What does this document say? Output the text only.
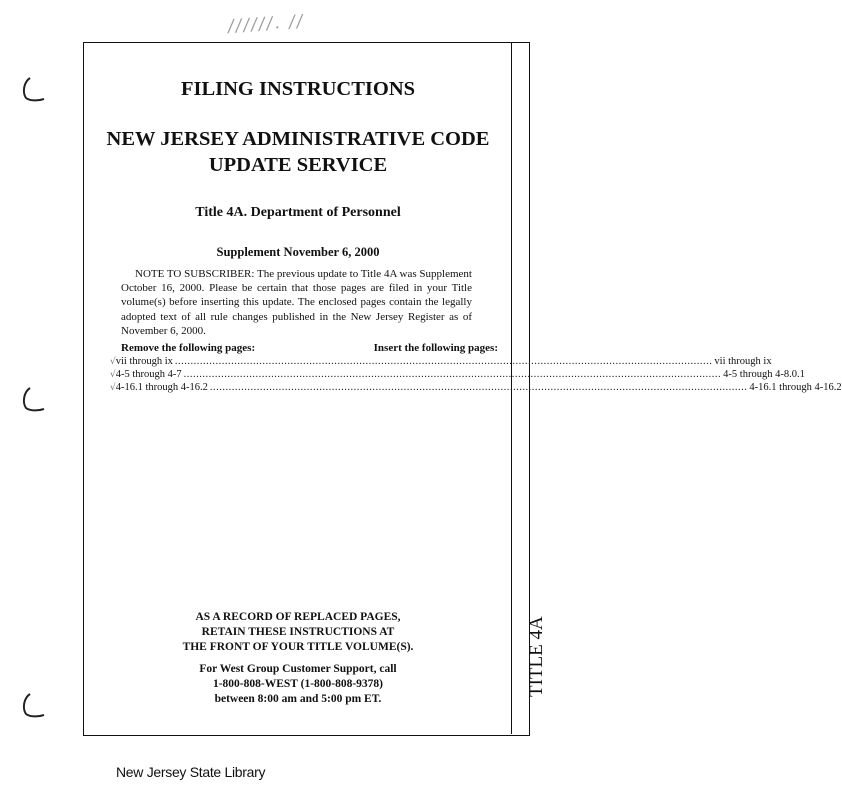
//////. //
TITLE 4A
FILING INSTRUCTIONS
NEW JERSEY ADMINISTRATIVE CODE
UPDATE SERVICE
Title 4A. Department of Personnel
Supplement November 6, 2000
NOTE TO SUBSCRIBER: The previous update to Title 4A was Supplement October 16, 2000. Please be certain that those pages are filed in your Title volume(s) before inserting this update. The enclosed pages contain the legally adopted text of all rule changes published in the New Jersey Register as of November 6, 2000.
Remove the following pages:	Insert the following pages:
√ vii through ix ............................................................................................................................................................................ vii through ix
√ 4-5 through 4-7 ............................................................................................................................................................................ 4-5 through 4-8.0.1
√ 4-16.1 through 4-16.2 ............................................................................................................................................................................ 4-16.1 through 4-16.2
AS A RECORD OF REPLACED PAGES,
RETAIN THESE INSTRUCTIONS AT
THE FRONT OF YOUR TITLE VOLUME(S).
For West Group Customer Support, call
1-800-808-WEST (1-800-808-9378)
between 8:00 am and 5:00 pm ET.
New Jersey State Library
